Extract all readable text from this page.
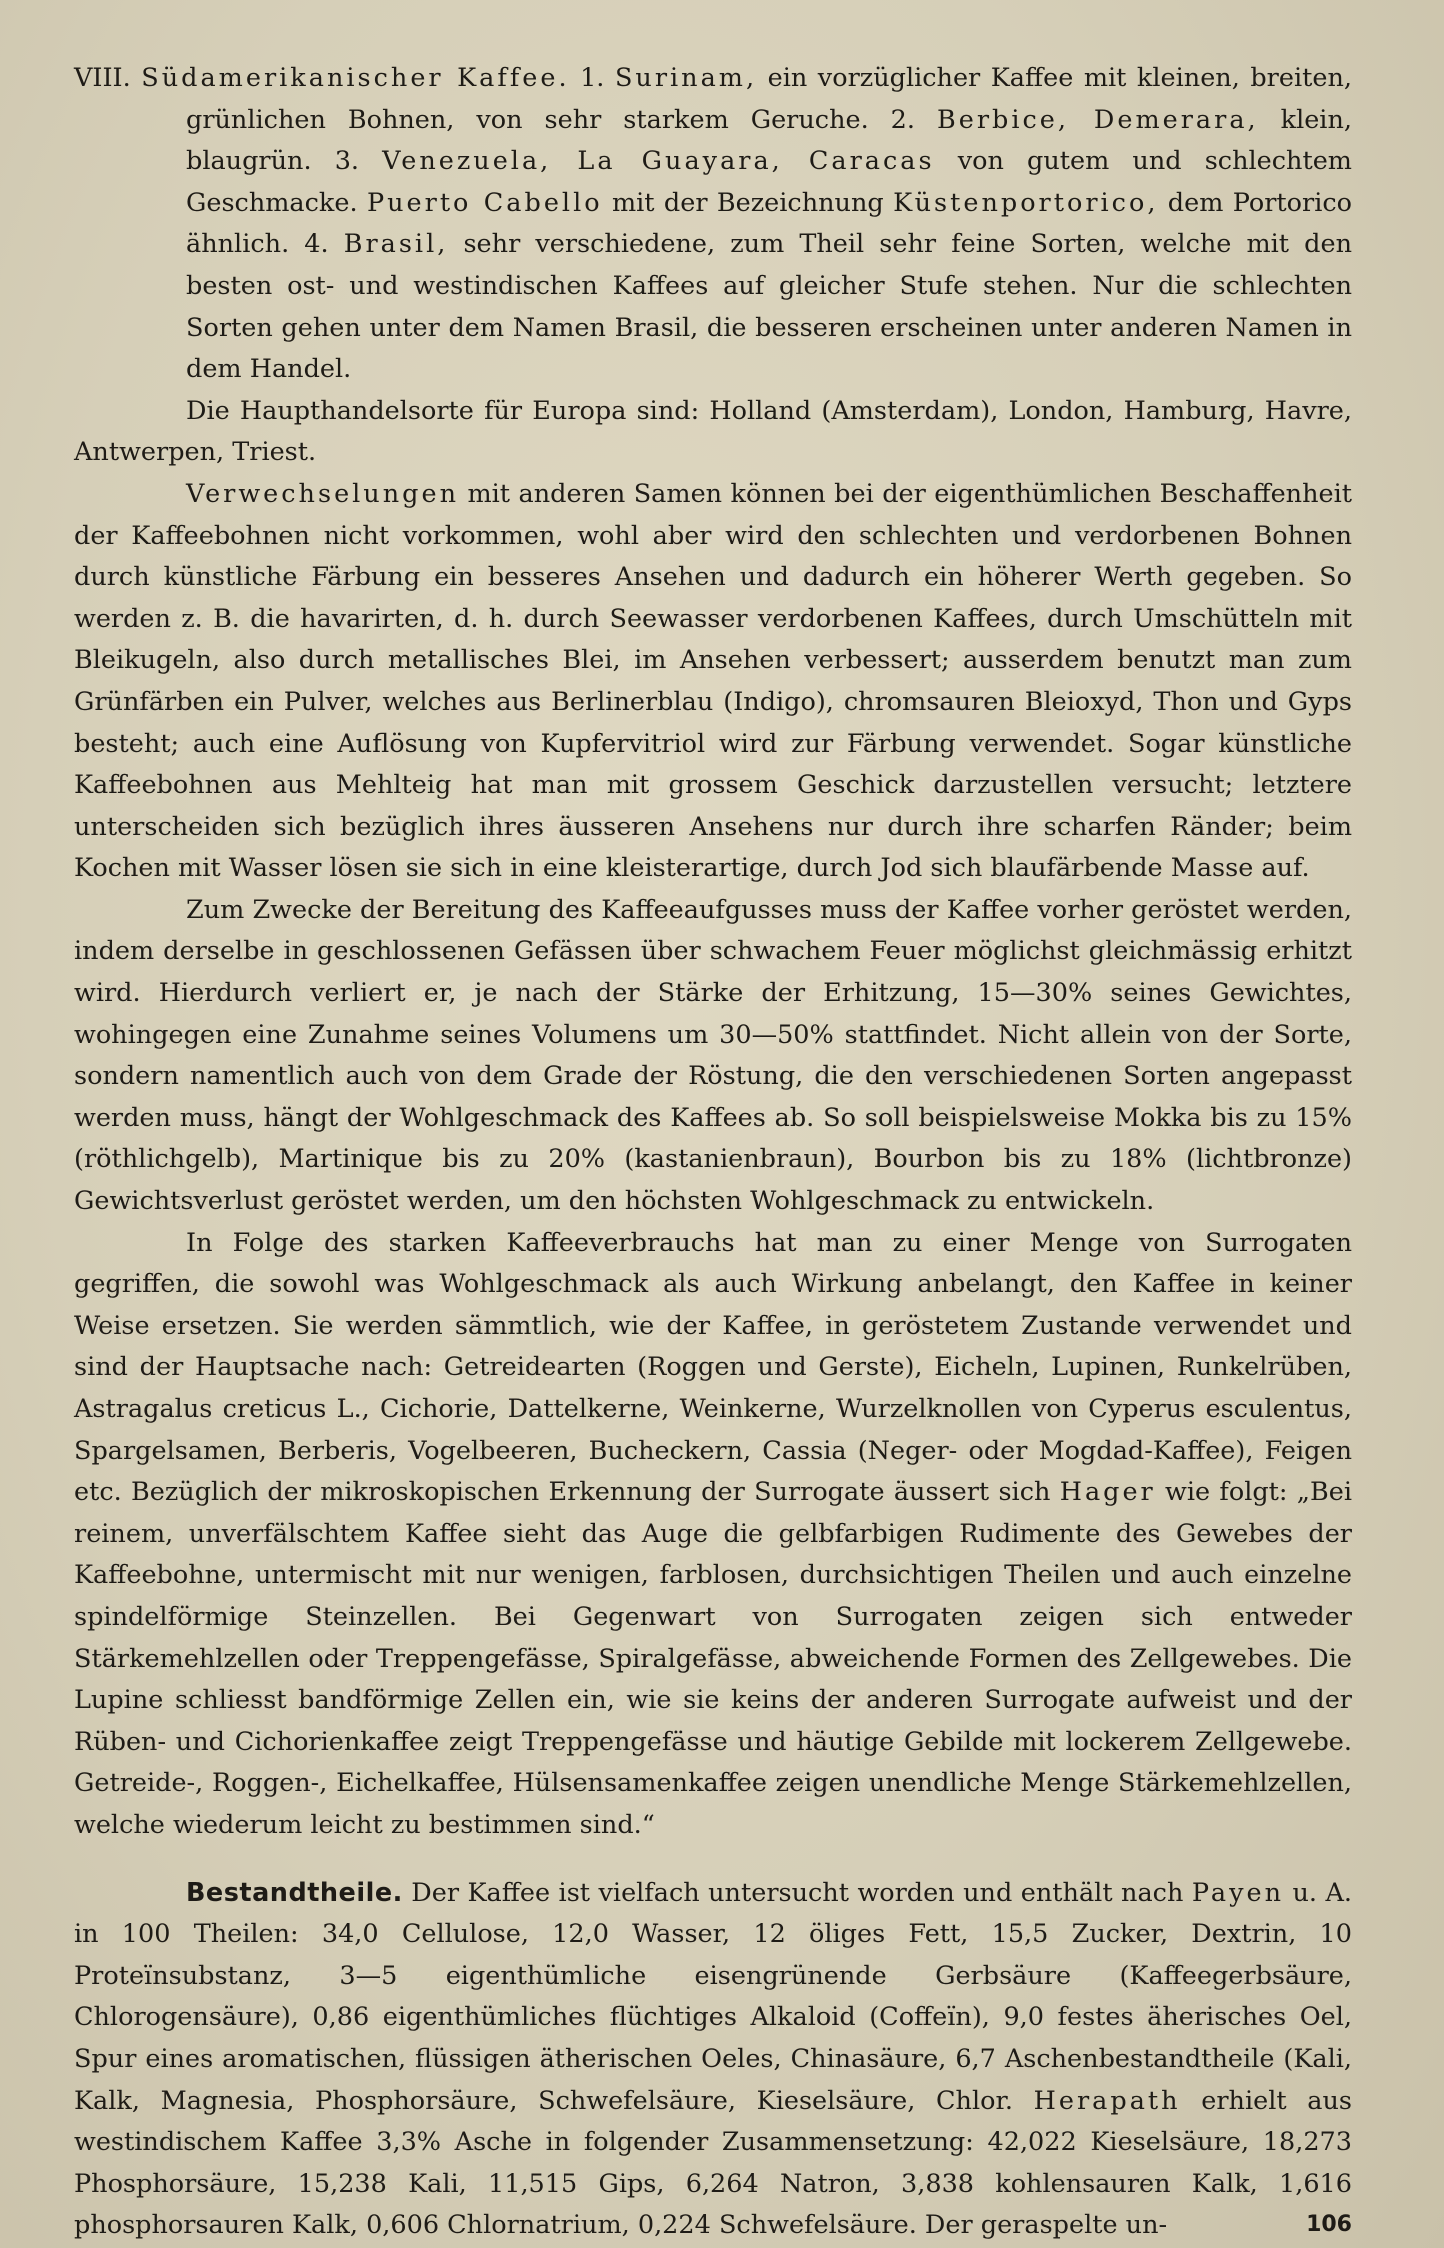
VIII. Südamerikanischer Kaffee. 1. Surinam, ein vorzüglicher Kaffee mit kleinen, breiten, grünlichen Bohnen, von sehr starkem Geruche. 2. Berbice, Demerara, klein, blaugrün. 3. Venezuela, La Guayara, Caracas von gutem und schlechtem Geschmacke. Puerto Cabello mit der Bezeichnung Küstenportorico, dem Portorico ähnlich. 4. Brasil, sehr verschiedene, zum Theil sehr feine Sorten, welche mit den besten ost- und westindischen Kaffees auf gleicher Stufe stehen. Nur die schlechten Sorten gehen unter dem Namen Brasil, die besseren erscheinen unter anderen Namen in dem Handel.

Die Haupthandelsorte für Europa sind: Holland (Amsterdam), London, Hamburg, Havre, Antwerpen, Triest.

Verwechselungen mit anderen Samen können bei der eigenthümlichen Beschaffenheit der Kaffeebohnen nicht vorkommen, wohl aber wird den schlechten und verdorbenen Bohnen durch künstliche Färbung ein besseres Ansehen und dadurch ein höherer Werth gegeben. So werden z. B. die havarirten, d. h. durch Seewasser verdorbenen Kaffees, durch Umschütteln mit Bleikugeln, also durch metallisches Blei, im Ansehen verbessert; ausserdem benutzt man zum Grünfärben ein Pulver, welches aus Berlinerblau (Indigo), chromsauren Bleioxyd, Thon und Gyps besteht; auch eine Auflösung von Kupfervitriol wird zur Färbung verwendet. Sogar künstliche Kaffeebohnen aus Mehlteig hat man mit grossem Geschick darzustellen versucht; letztere unterscheiden sich bezüglich ihres äusseren Ansehens nur durch ihre scharfen Ränder; beim Kochen mit Wasser lösen sie sich in eine kleisterartige, durch Jod sich blaufärbende Masse auf.

Zum Zwecke der Bereitung des Kaffeeaufgusses muss der Kaffee vorher geröstet werden, indem derselbe in geschlossenen Gefässen über schwachem Feuer möglichst gleichmässig erhitzt wird. Hierdurch verliert er, je nach der Stärke der Erhitzung, 15—30% seines Gewichtes, wohingegen eine Zunahme seines Volumens um 30—50% stattfindet. Nicht allein von der Sorte, sondern namentlich auch von dem Grade der Röstung, die den verschiedenen Sorten angepasst werden muss, hängt der Wohlgeschmack des Kaffees ab. So soll beispielsweise Mokka bis zu 15% (röthlichgelb), Martinique bis zu 20% (kastanienbraun), Bourbon bis zu 18% (lichtbronze) Gewichtsverlust geröstet werden, um den höchsten Wohlgeschmack zu entwickeln.

In Folge des starken Kaffeeverbrauchs hat man zu einer Menge von Surrogaten gegriffen, die sowohl was Wohlgeschmack als auch Wirkung anbelangt, den Kaffee in keiner Weise ersetzen. Sie werden sämmtlich, wie der Kaffee, in geröstetem Zustande verwendet und sind der Hauptsache nach: Getreidearten (Roggen und Gerste), Eicheln, Lupinen, Runkelrüben, Astragalus creticus L., Cichorie, Dattelkerne, Weinkerne, Wurzelknollen von Cyperus esculentus, Spargelsamen, Berberis, Vogelbeeren, Bucheckern, Cassia (Neger- oder Mogdad-Kaffee), Feigen etc. Bezüglich der mikroskopischen Erkennung der Surrogate äussert sich Hager wie folgt: „Bei reinem, unverfälschtem Kaffee sieht das Auge die gelbfarbigen Rudimente des Gewebes der Kaffeebohne, untermischt mit nur wenigen, farblosen, durchsichtigen Theilen und auch einzelne spindelförmige Steinzellen. Bei Gegenwart von Surrogaten zeigen sich entweder Stärkemehlzellen oder Treppengefässe, Spiralgefässe, abweichende Formen des Zellgewebes. Die Lupine schliesst bandförmige Zellen ein, wie sie keins der anderen Surrogate aufweist und der Rüben- und Cichorienkaffee zeigt Treppengefässe und häutige Gebilde mit lockerem Zellgewebe. Getreide-, Roggen-, Eichelkaffee, Hülsensamenkaffee zeigen unendliche Menge Stärkemehlzellen, welche wiederum leicht zu bestimmen sind.“

Bestandtheile. Der Kaffee ist vielfach untersucht worden und enthält nach Payen u. A. in 100 Theilen: 34,0 Cellulose, 12,0 Wasser, 12 öliges Fett, 15,5 Zucker, Dextrin, 10 Proteïnsubstanz, 3—5 eigenthümliche eisengrünende Gerbsäure (Kaffeegerbsäure, Chlorogensäure), 0,86 eigenthümliches flüchtiges Alkaloid (Coffeïn), 9,0 festes äherisches Oel, Spur eines aromatischen, flüssigen ätherischen Oeles, Chinasäure, 6,7 Aschenbestandtheile (Kali, Kalk, Magnesia, Phosphorsäure, Schwefelsäure, Kieselsäure, Chlor. Herapath erhielt aus westindischem Kaffee 3,3% Asche in folgender Zusammensetzung: 42,022 Kieselsäure, 18,273 Phosphorsäure, 15,238 Kali, 11,515 Gips, 6,264 Natron, 3,838 kohlensauren Kalk, 1,616 phosphorsauren Kalk, 0,606 Chlornatrium, 0,224 Schwefelsäure. Der geraspelte un-	106
